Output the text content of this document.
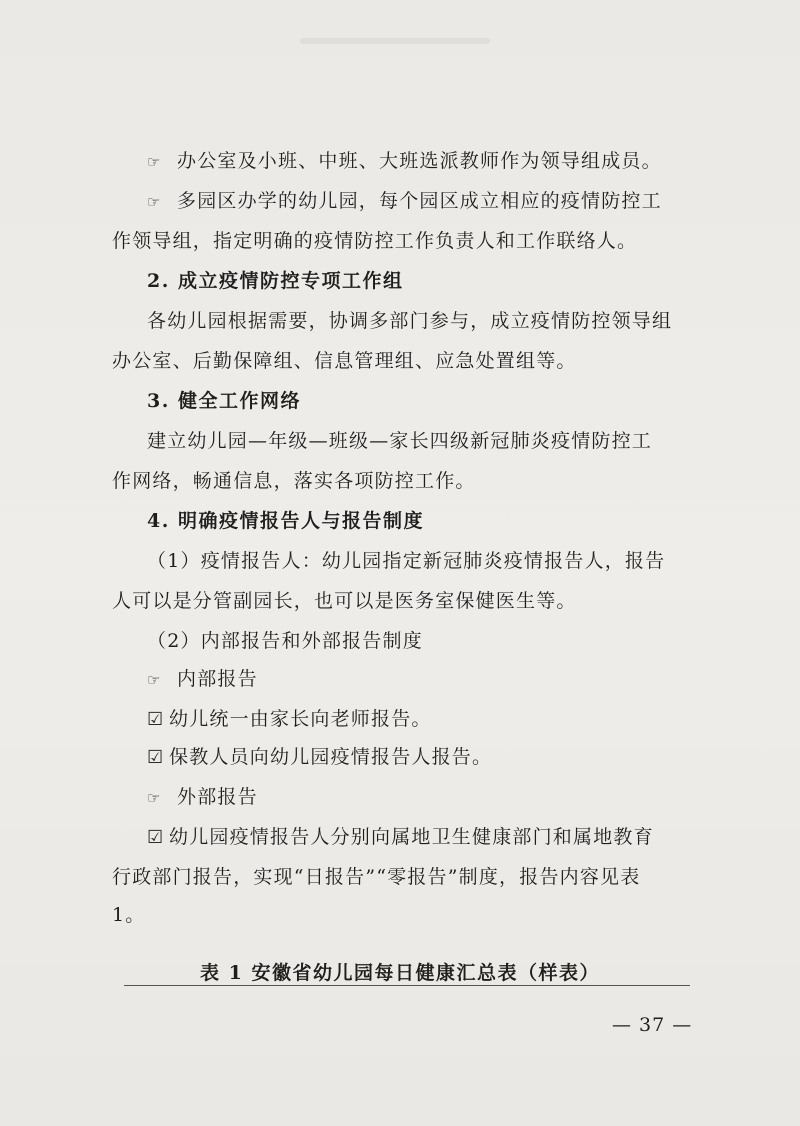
☞ 办公室及小班、中班、大班选派教师作为领导组成员。
☞ 多园区办学的幼儿园，每个园区成立相应的疫情防控工
作领导组，指定明确的疫情防控工作负责人和工作联络人。
2. 成立疫情防控专项工作组
各幼儿园根据需要，协调多部门参与，成立疫情防控领导组
办公室、后勤保障组、信息管理组、应急处置组等。
3. 健全工作网络
建立幼儿园—年级—班级—家长四级新冠肺炎疫情防控工
作网络，畅通信息，落实各项防控工作。
4. 明确疫情报告人与报告制度
（1）疫情报告人：幼儿园指定新冠肺炎疫情报告人，报告
人可以是分管副园长，也可以是医务室保健医生等。
（2）内部报告和外部报告制度
☞ 内部报告
☑ 幼儿统一由家长向老师报告。
☑ 保教人员向幼儿园疫情报告人报告。
☞ 外部报告
☑ 幼儿园疫情报告人分别向属地卫生健康部门和属地教育
行政部门报告，实现“日报告”“零报告”制度，报告内容见表
1。
表 1 安徽省幼儿园每日健康汇总表（样表）
— 37 —
